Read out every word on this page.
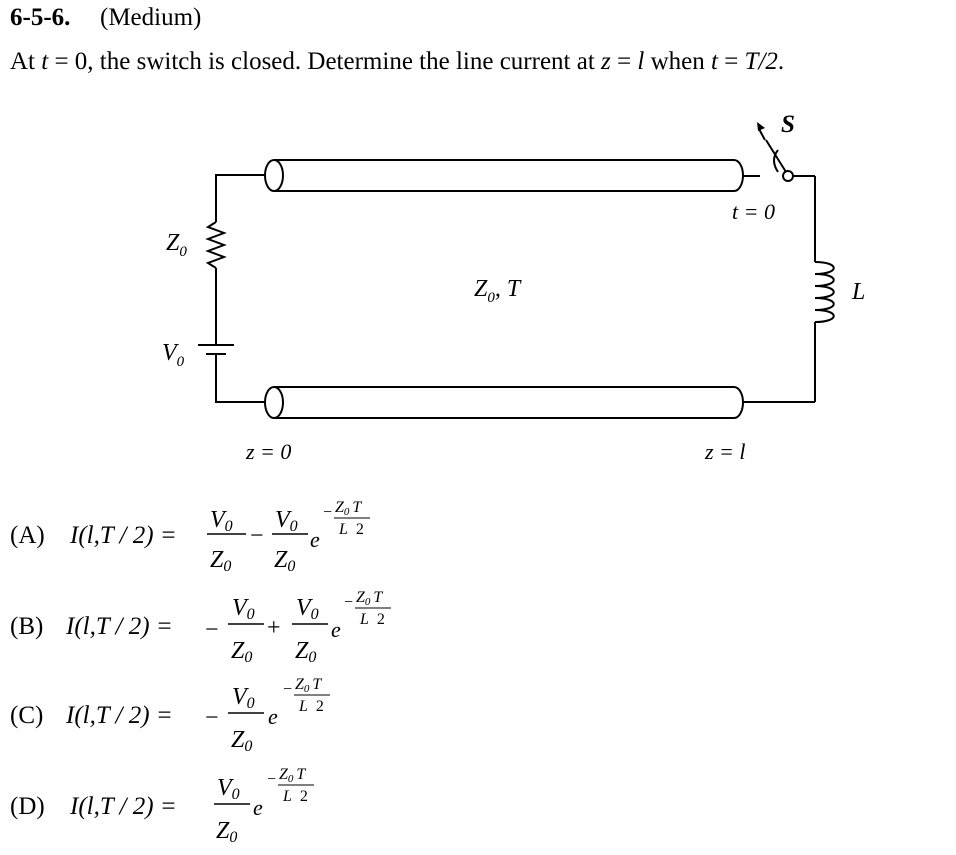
6-5-6. (Medium)
At t = 0, the switch is closed. Determine the line current at z = l when t = T/2.
$Z_0$
$V_0$
$Z_0$, T
S
t = 0
L
z = 0	z = l
V0
Z0
−
V0
Z0
e
− Z0 T
L 2
−
V0
Z0
+
V0
Z0
e
− Z0 T
L 2
−
V0
Z0
e
− Z0 T
L 2
V0
Z0
e
− Z0 T
L 2
(A) I(l,T / 2) =
(B) I(l,T / 2) =
(C) I(l,T / 2) =
(D) I(l,T / 2) =
